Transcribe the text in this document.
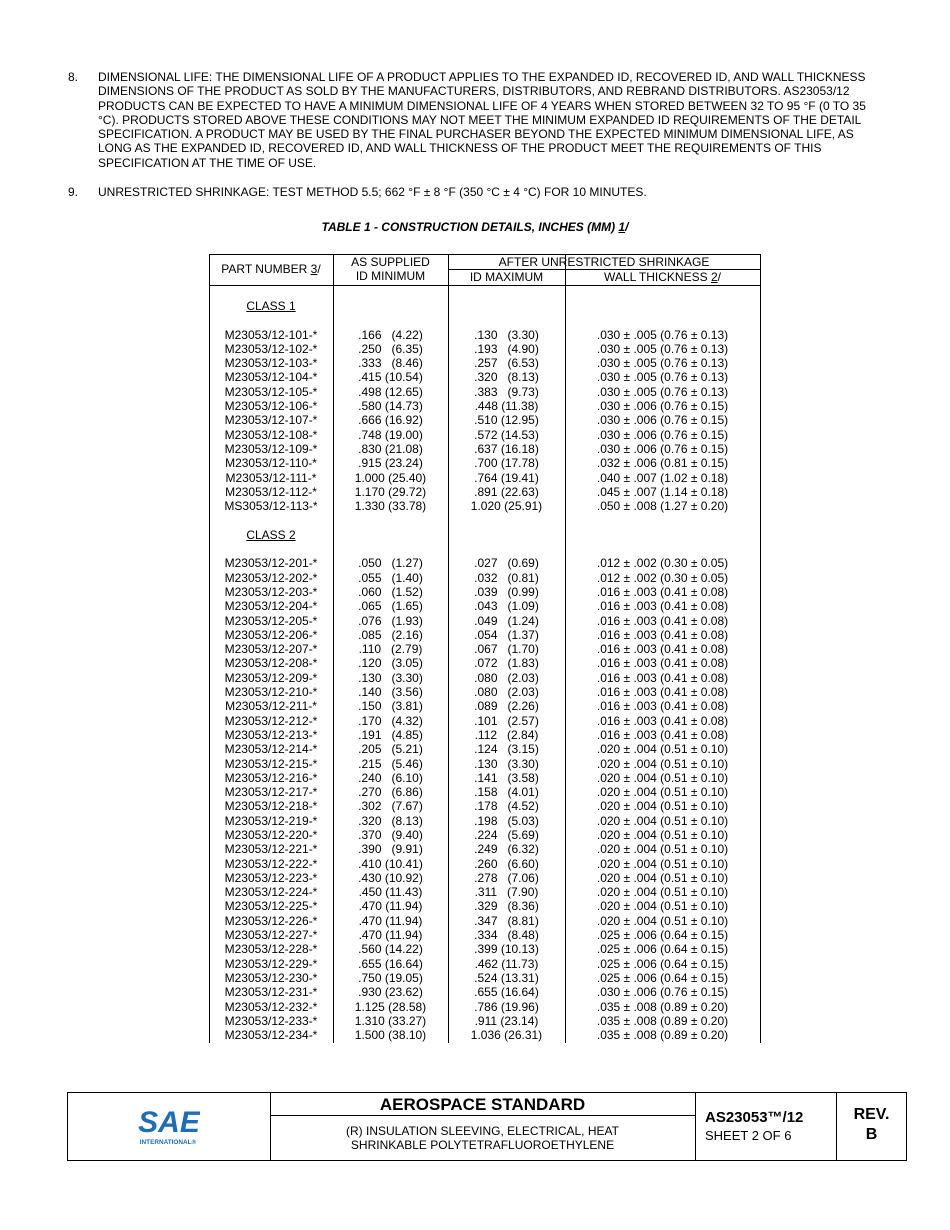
8.	DIMENSIONAL LIFE: THE DIMENSIONAL LIFE OF A PRODUCT APPLIES TO THE EXPANDED ID, RECOVERED ID, AND WALL THICKNESS DIMENSIONS OF THE PRODUCT AS SOLD BY THE MANUFACTURERS, DISTRIBUTORS, AND REBRAND DISTRIBUTORS. AS23053/12 PRODUCTS CAN BE EXPECTED TO HAVE A MINIMUM DIMENSIONAL LIFE OF 4 YEARS WHEN STORED BETWEEN 32 TO 95 °F (0 TO 35 °C). PRODUCTS STORED ABOVE THESE CONDITIONS MAY NOT MEET THE MINIMUM EXPANDED ID REQUIREMENTS OF THE DETAIL SPECIFICATION. A PRODUCT MAY BE USED BY THE FINAL PURCHASER BEYOND THE EXPECTED MINIMUM DIMENSIONAL LIFE, AS LONG AS THE EXPANDED ID, RECOVERED ID, AND WALL THICKNESS OF THE PRODUCT MEET THE REQUIREMENTS OF THIS SPECIFICATION AT THE TIME OF USE.
9.	UNRESTRICTED SHRINKAGE: TEST METHOD 5.5; 662 °F ± 8 °F (350 °C ± 4 °C) FOR 10 MINUTES.
TABLE 1 - CONSTRUCTION DETAILS, INCHES (MM) 1/
PART NUMBER 3/	AS SUPPLIED
ID MINIMUM
AFTER UNRESTRICTED SHRINKAGE
ID MAXIMUM	WALL THICKNESS 2/
CLASS 1
M23053/12-101-*	.166   (4.22)	.130   (3.30)	.030 ± .005 (0.76 ± 0.13)
M23053/12-102-*	.250   (6.35)	.193   (4.90)	.030 ± .005 (0.76 ± 0.13)
M23053/12-103-*	.333   (8.46)	.257   (6.53)	.030 ± .005 (0.76 ± 0.13)
M23053/12-104-*	.415 (10.54)	.320   (8.13)	.030 ± .005 (0.76 ± 0.13)
M23053/12-105-*	.498 (12.65)	.383   (9.73)	.030 ± .005 (0.76 ± 0.13)
M23053/12-106-*	.580 (14.73)	.448 (11.38)	.030 ± .006 (0.76 ± 0.15)
M23053/12-107-*	.666 (16.92)	.510 (12.95)	.030 ± .006 (0.76 ± 0.15)
M23053/12-108-*	.748 (19.00)	.572 (14.53)	.030 ± .006 (0.76 ± 0.15)
M23053/12-109-*	.830 (21.08)	.637 (16.18)	.030 ± .006 (0.76 ± 0.15)
M23053/12-110-*	.915 (23.24)	.700 (17.78)	.032 ± .006 (0.81 ± 0.15)
M23053/12-111-*	1.000 (25.40)	.764 (19.41)	.040 ± .007 (1.02 ± 0.18)
M23053/12-112-*	1.170 (29.72)	.891 (22.63)	.045 ± .007 (1.14 ± 0.18)
MS3053/12-113-*	1.330 (33.78)	1.020 (25.91)	.050 ± .008 (1.27 ± 0.20)
CLASS 2
M23053/12-201-*	.050   (1.27)	.027   (0.69)	.012 ± .002 (0.30 ± 0.05)
M23053/12-202-*	.055   (1.40)	.032   (0.81)	.012 ± .002 (0.30 ± 0.05)
M23053/12-203-*	.060   (1.52)	.039   (0.99)	.016 ± .003 (0.41 ± 0.08)
M23053/12-204-*	.065   (1.65)	.043   (1.09)	.016 ± .003 (0.41 ± 0.08)
M23053/12-205-*	.076   (1.93)	.049   (1.24)	.016 ± .003 (0.41 ± 0.08)
M23053/12-206-*	.085   (2.16)	.054   (1.37)	.016 ± .003 (0.41 ± 0.08)
M23053/12-207-*	.110   (2.79)	.067   (1.70)	.016 ± .003 (0.41 ± 0.08)
M23053/12-208-*	.120   (3.05)	.072   (1.83)	.016 ± .003 (0.41 ± 0.08)
M23053/12-209-*	.130   (3.30)	.080   (2.03)	.016 ± .003 (0.41 ± 0.08)
M23053/12-210-*	.140   (3.56)	.080   (2.03)	.016 ± .003 (0.41 ± 0.08)
M23053/12-211-*	.150   (3.81)	.089   (2.26)	.016 ± .003 (0.41 ± 0.08)
M23053/12-212-*	.170   (4.32)	.101   (2.57)	.016 ± .003 (0.41 ± 0.08)
M23053/12-213-*	.191   (4.85)	.112   (2.84)	.016 ± .003 (0.41 ± 0.08)
M23053/12-214-*	.205   (5.21)	.124   (3.15)	.020 ± .004 (0.51 ± 0.10)
M23053/12-215-*	.215   (5.46)	.130   (3.30)	.020 ± .004 (0.51 ± 0.10)
M23053/12-216-*	.240   (6.10)	.141   (3.58)	.020 ± .004 (0.51 ± 0.10)
M23053/12-217-*	.270   (6.86)	.158   (4.01)	.020 ± .004 (0.51 ± 0.10)
M23053/12-218-*	.302   (7.67)	.178   (4.52)	.020 ± .004 (0.51 ± 0.10)
M23053/12-219-*	.320   (8.13)	.198   (5.03)	.020 ± .004 (0.51 ± 0.10)
M23053/12-220-*	.370   (9.40)	.224   (5.69)	.020 ± .004 (0.51 ± 0.10)
M23053/12-221-*	.390   (9.91)	.249   (6.32)	.020 ± .004 (0.51 ± 0.10)
M23053/12-222-*	.410 (10.41)	.260   (6.60)	.020 ± .004 (0.51 ± 0.10)
M23053/12-223-*	.430 (10.92)	.278   (7.06)	.020 ± .004 (0.51 ± 0.10)
M23053/12-224-*	.450 (11.43)	.311   (7.90)	.020 ± .004 (0.51 ± 0.10)
M23053/12-225-*	.470 (11.94)	.329   (8.36)	.020 ± .004 (0.51 ± 0.10)
M23053/12-226-*	.470 (11.94)	.347   (8.81)	.020 ± .004 (0.51 ± 0.10)
M23053/12-227-*	.470 (11.94)	.334   (8.48)	.025 ± .006 (0.64 ± 0.15)
M23053/12-228-*	.560 (14.22)	.399 (10.13)	.025 ± .006 (0.64 ± 0.15)
M23053/12-229-*	.655 (16.64)	.462 (11.73)	.025 ± .006 (0.64 ± 0.15)
M23053/12-230-*	.750 (19.05)	.524 (13.31)	.025 ± .006 (0.64 ± 0.15)
M23053/12-231-*	.930 (23.62)	.655 (16.64)	.030 ± .006 (0.76 ± 0.15)
M23053/12-232-*	1.125 (28.58)	.786 (19.96)	.035 ± .008 (0.89 ± 0.20)
M23053/12-233-*	1.310 (33.27)	.911 (23.14)	.035 ± .008 (0.89 ± 0.20)
M23053/12-234-*	1.500 (38.10)	1.036 (26.31)	.035 ± .008 (0.89 ± 0.20)
SAE
INTERNATIONAL®
AEROSPACE STANDARD
(R) INSULATION SLEEVING, ELECTRICAL, HEAT
SHRINKABLE POLYTETRAFLUOROETHYLENE
AS23053™/12
SHEET 2 OF 6
REV.
B
